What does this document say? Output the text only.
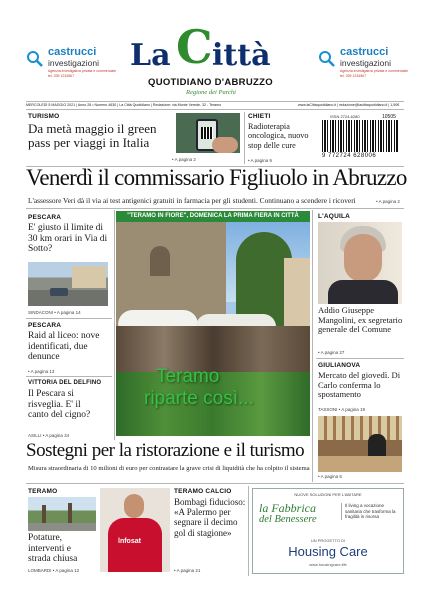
castrucci
investigazioni
Agenzia investigativa privata e commerciale
tel. 339 1234567
La C ittà
QUOTIDIANO D'ABRUZZO
Regione dei Parchi
castrucci
investigazioni
Agenzia investigativa privata e commerciale
tel. 339 1234567
MERCOLEDÌ 5 MAGGIO 2021 | Anno 28 • Numero 4630 | La Città Quotidiano | Redazione: via Monte Verede, 32 - Teramo	www.laCittaquotidiano.it | redazione@lacittaquotidiano.it | 1,50€
TURISMO
Da metà maggio il green pass per viaggi in Italia
• A pagina 2
CHIETI
Radioterapia oncologica, nuovo stop delle cure
• A pagina 9
ISSN 2724-6280
9 772724 628006
10505
Venerdì il commissario Figliuolo in Abruzzo
L'assessore Veri dà il via ai test antigenici gratuiti in farmacia per gli studenti. Continuano a scendere i ricoveri	• A pagina 2
PESCARA
E' giusto il limite di 30 km orari in Via di Sotto?
SINDACONI • A pagina 14
PESCARA
Raid al liceo: nove identificati, due denunce
• A pagina 13
VITTORIA DEL DELFINO
Il Pescara si risveglia. E' il canto del cigno?
ASILLI • A pagina 34
"TERAMO IN FIORE", DOMENICA LA PRIMA FIERA IN CITTÀ
Teramo
riparte così...
L'AQUILA
Addio Giuseppe Mangolini, ex segretario generale del Comune
• A pagina 27
GIULIANOVA
Mercato del giovedì. Di Carlo conferma lo spostamento
TASSONI • A pagina 19
• A pagina 5
Sostegni per la ristorazione e il turismo
Misura straordinaria di 10 milioni di euro per contrastare la grave crisi di liquidità che ha colpito il sistema
TERAMO
Potature, interventi e strada chiusa
LOMBARDI • A pagina 12
lnfosat
TERAMO CALCIO
Bombagi fiducioso: «A Palermo per segnare il decimo gol di stagione»
• A pagina 21
NUOVE SOLUZIONI PER L'ABITARE
la Fabbrica
del Benessere
Il living a vocazione sanitaria che trasforma la fragilità in risorsa
UN PROGETTO DI
Housing Care
www.housingcare.life
